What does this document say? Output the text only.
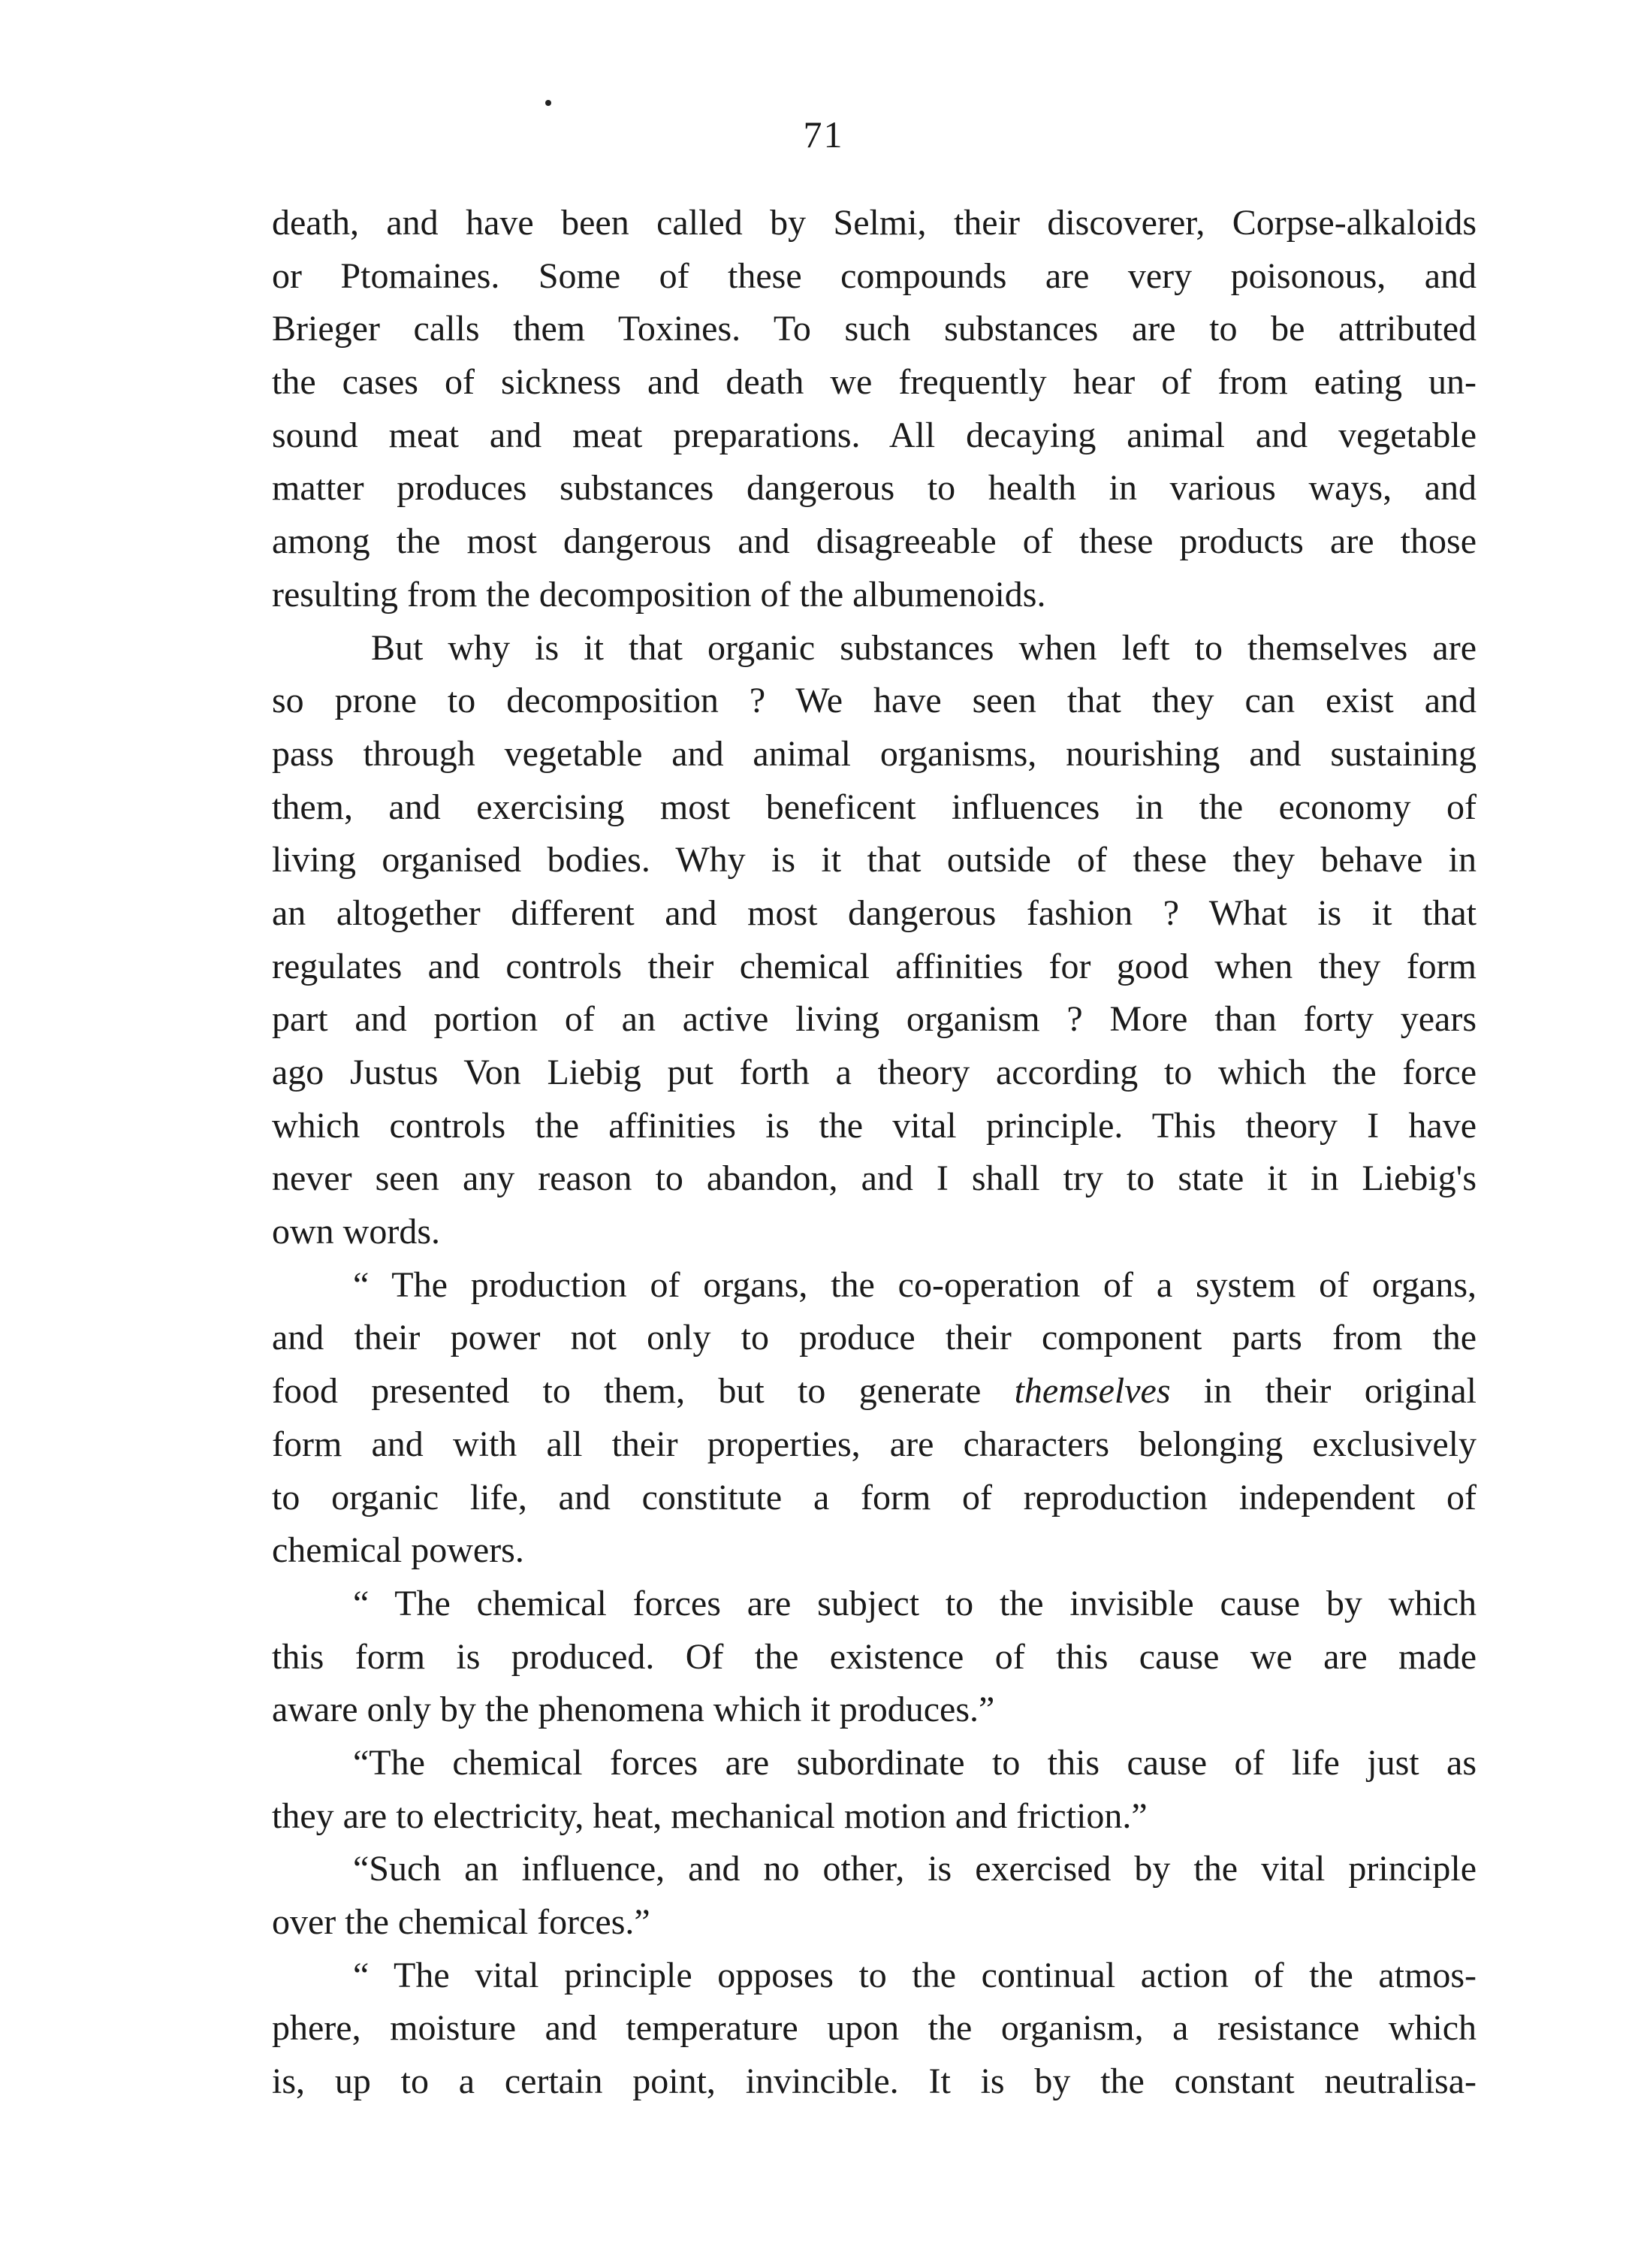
71
death, and have been called by Selmi, their discoverer, Corpse-alkaloids
or Ptomaines. Some of these compounds are very poisonous, and
Brieger calls them Toxines. To such substances are to be attributed
the cases of sickness and death we frequently hear of from eating un-
sound meat and meat preparations. All decaying animal and vegetable
matter produces substances dangerous to health in various ways, and
among the most dangerous and disagreeable of these products are those
resulting from the decomposition of the albumenoids.
But why is it that organic substances when left to themselves are
so prone to decomposition ? We have seen that they can exist and
pass through vegetable and animal organisms, nourishing and sustaining
them, and exercising most beneficent influences in the economy of
living organised bodies. Why is it that outside of these they behave in
an altogether different and most dangerous fashion ? What is it that
regulates and controls their chemical affinities for good when they form
part and portion of an active living organism ? More than forty years
ago Justus Von Liebig put forth a theory according to which the force
which controls the affinities is the vital principle. This theory I have
never seen any reason to abandon, and I shall try to state it in Liebig's
own words.
“ The production of organs, the co-operation of a system of organs,
and their power not only to produce their component parts from the
food presented to them, but to generate themselves in their original
form and with all their properties, are characters belonging exclusively
to organic life, and constitute a form of reproduction independent of
chemical powers.
“ The chemical forces are subject to the invisible cause by which
this form is produced. Of the existence of this cause we are made
aware only by the phenomena which it produces.”
“The chemical forces are subordinate to this cause of life just as
they are to electricity, heat, mechanical motion and friction.”
“Such an influence, and no other, is exercised by the vital principle
over the chemical forces.”
“ The vital principle opposes to the continual action of the atmos-
phere, moisture and temperature upon the organism, a resistance which
is, up to a certain point, invincible. It is by the constant neutralisa-
